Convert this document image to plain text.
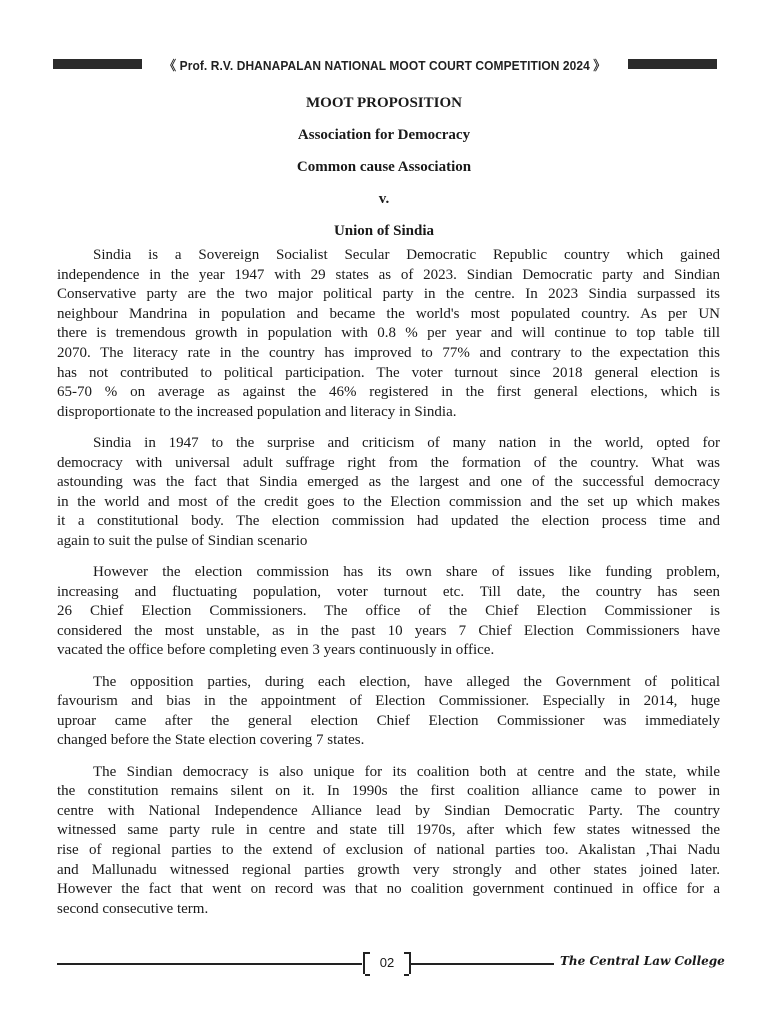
《 Prof. R.V. DHANAPALAN NATIONAL MOOT COURT COMPETITION 2024 》
MOOT PROPOSITION
Association for Democracy
Common cause Association
v.
Union of Sindia
Sindia is a Sovereign Socialist Secular Democratic Republic country which gained
independence in the year 1947 with 29 states as of 2023. Sindian Democratic party and Sindian
Conservative party are the two major political party in the centre. In 2023 Sindia surpassed its
neighbour Mandrina in population and became the world's most populated country. As per UN
there is tremendous growth in population with 0.8 % per year and will continue to top table till
2070. The literacy rate in the country has improved to 77% and contrary to the expectation this
has not contributed to political participation. The voter turnout since 2018 general election is
65-70 % on average as against the 46% registered in the first general elections, which is
disproportionate to the increased population and literacy in Sindia.
Sindia in 1947 to the surprise and criticism of many nation in the world, opted for
democracy with universal adult suffrage right from the formation of the country. What was
astounding was the fact that Sindia emerged as the largest and one of the successful democracy
in the world and most of the credit goes to the Election commission and the set up which makes
it a constitutional body. The election commission had updated the election process time and
again to suit the pulse of Sindian scenario
However the election commission has its own share of issues like funding problem,
increasing and fluctuating population, voter turnout etc. Till date, the country has seen
26 Chief Election Commissioners. The office of the Chief Election Commissioner is
considered the most unstable, as in the past 10 years 7 Chief Election Commissioners have
vacated the office before completing even 3 years continuously in office.
The opposition parties, during each election, have alleged the Government of political
favourism and bias in the appointment of Election Commissioner. Especially in 2014, huge
uproar came after the general election Chief Election Commissioner was immediately
changed before the State election covering 7 states.
The Sindian democracy is also unique for its coalition both at centre and the state, while
the constitution remains silent on it. In 1990s the first coalition alliance came to power in
centre with National Independence Alliance lead by Sindian Democratic Party. The country
witnessed same party rule in centre and state till 1970s, after which few states witnessed the
rise of regional parties to the extend of exclusion of national parties too. Akalistan ,Thai Nadu
and Mallunadu witnessed regional parties growth very strongly and other states joined later.
However the fact that went on record was that no coalition government continued in office for a
second consecutive term.
02	The Central Law College
